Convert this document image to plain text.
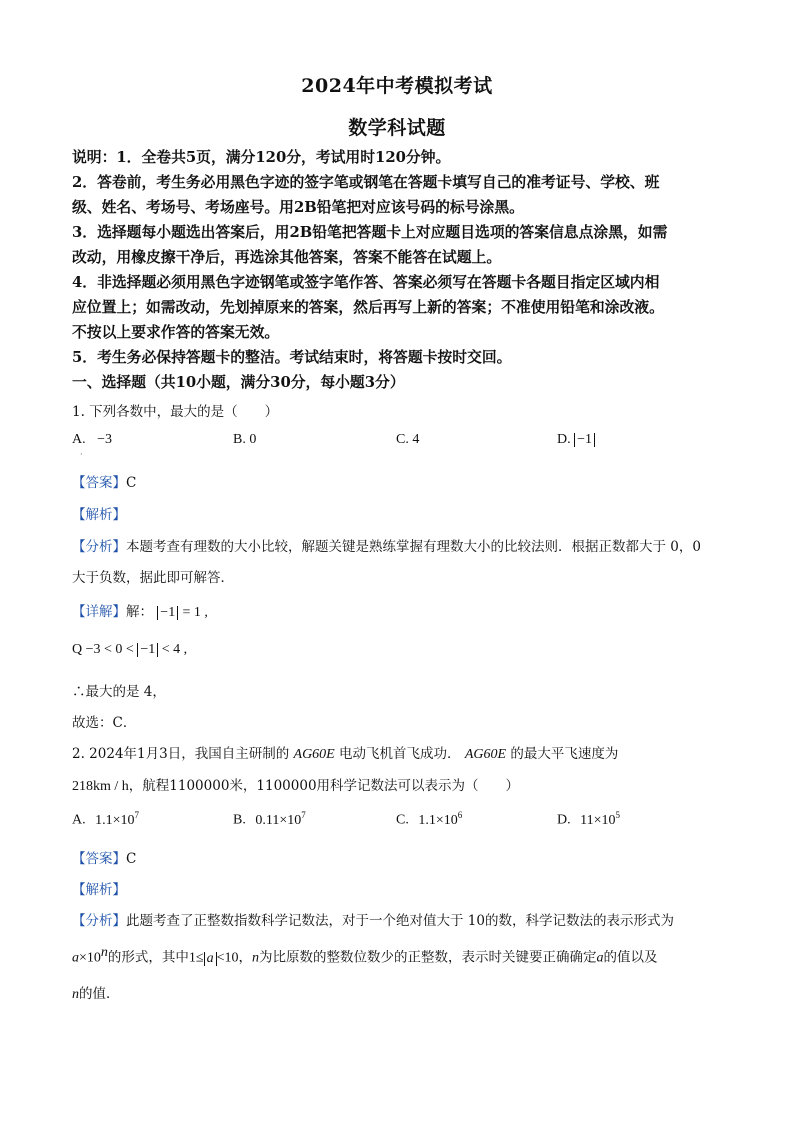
2024年中考模拟考试
数学科试题
说明：1．全卷共5页，满分120分，考试用时120分钟。
2．答卷前，考生务必用黑色字迹的签字笔或钢笔在答题卡填写自己的准考证号、学校、班
级、姓名、考场号、考场座号。用2B铅笔把对应该号码的标号涂黑。
3．选择题每小题选出答案后，用2B铅笔把答题卡上对应题目选项的答案信息点涂黑，如需
改动，用橡皮擦干净后，再选涂其他答案，答案不能答在试题上。
4．非选择题必须用黑色字迹钢笔或签字笔作答、答案必须写在答题卡各题目指定区域内相
应位置上；如需改动，先划掉原来的答案，然后再写上新的答案；不准使用铅笔和涂改液。
不按以上要求作答的答案无效。
5．考生务必保持答题卡的整洁。考试结束时，将答题卡按时交回。
一、选择题（共10小题，满分30分，每小题3分）
1. 下列各数中，最大的是（　　）
A. −3	B. 0	C. 4	D. −1
·
【答案】C
【解析】
【分析】本题考查有理数的大小比较，解题关键是熟练掌握有理数大小的比较法则．根据正数都大于 0，0
大于负数，据此即可解答．
【详解】解： −1 = 1 ,
Q −3 < 0 < −1 < 4 ,
∴最大的是 4，
故选：C．
2. 2024年1月3日，我国自主研制的 AG60E 电动飞机首飞成功． AG60E 的最大平飞速度为
218km / h，航程1100000米，1100000用科学记数法可以表示为（　　）
A. $1.1\times 10^7$	B. $0.11\times 10^7$	C. $1.1\times 10^6$	D. $11\times 10^5$
【答案】C
【解析】
【分析】此题考查了正整数指数科学记数法，对于一个绝对值大于 10的数，科学记数法的表示形式为
$a\times 10^n$的形式，其中1≤ a <10，n为比原数的整数位数少的正整数，表示时关键要正确确定a的值以及
n的值．
